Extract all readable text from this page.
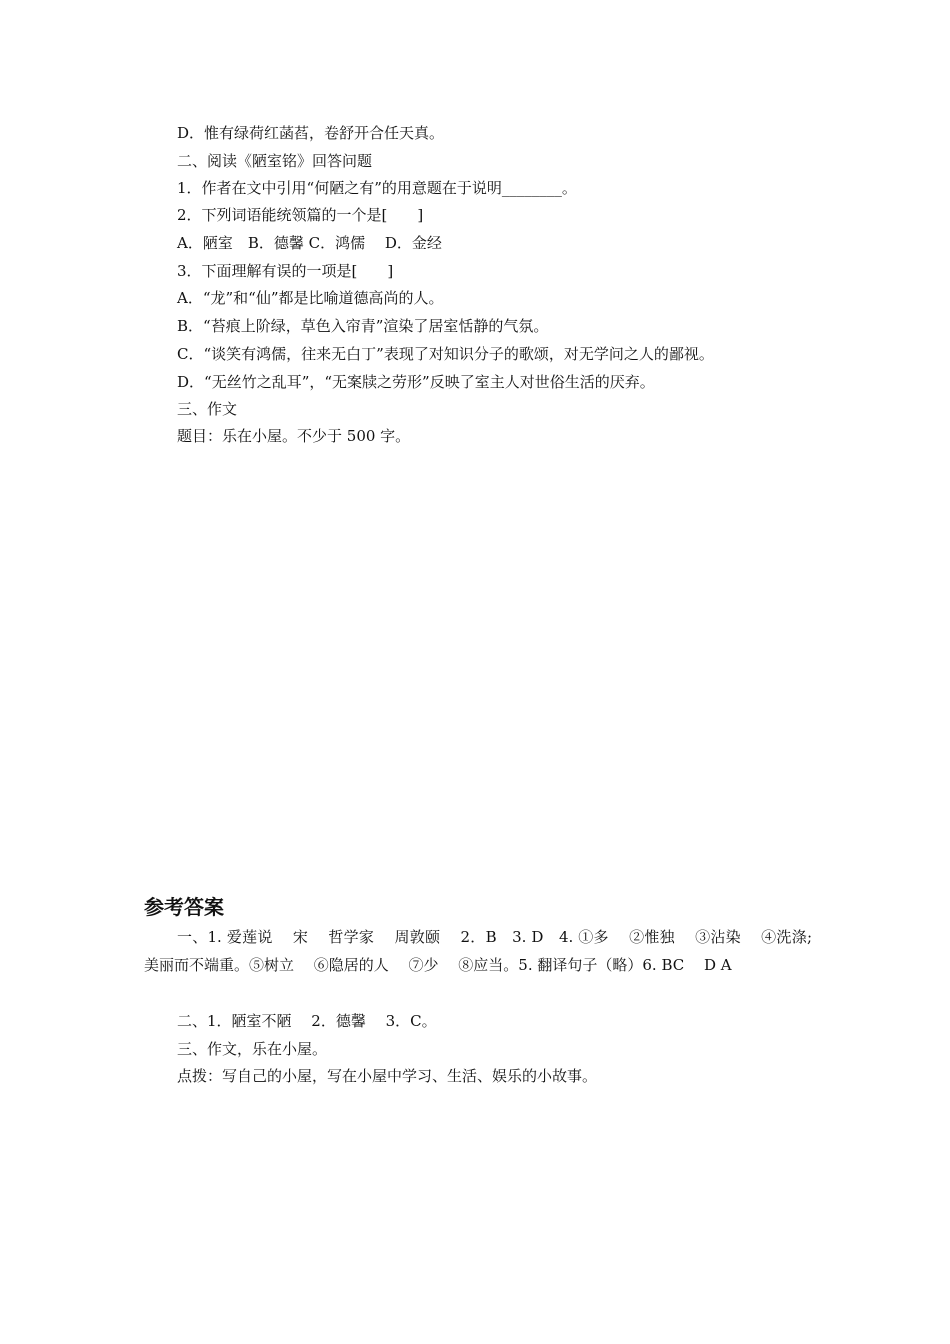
D．惟有绿荷红菡萏，卷舒开合任天真。
二、阅读《陋室铭》回答问题
1．作者在文中引用“何陋之有”的用意题在于说明________。
2．下列词语能统领篇的一个是[　　]
A．陋室　B．德馨 C．鸿儒　 D．金经
3．下面理解有误的一项是[　　]
A．“龙”和“仙”都是比喻道德高尚的人。
B．“苔痕上阶绿，草色入帘青”渲染了居室恬静的气氛。
C．“谈笑有鸿儒，往来无白丁”表现了对知识分子的歌颂，对无学问之人的鄙视。
D．“无丝竹之乱耳”，“无案牍之劳形”反映了室主人对世俗生活的厌弃。
三、作文
题目：乐在小屋。不少于 500 字。
参考答案
一、1. 爱莲说　 宋　 哲学家　 周敦颐　 2．B　3. D　4. ①多　 ②惟独　 ③沾染　 ④洗涤; 美丽而不端重。⑤树立　 ⑥隐居的人　 ⑦少　 ⑧应当。5. 翻译句子（略）6. BC　 D A
二、1．陋室不陋　 2．德馨　 3．C。
三、作文，乐在小屋。
点拨：写自己的小屋，写在小屋中学习、生活、娱乐的小故事。
